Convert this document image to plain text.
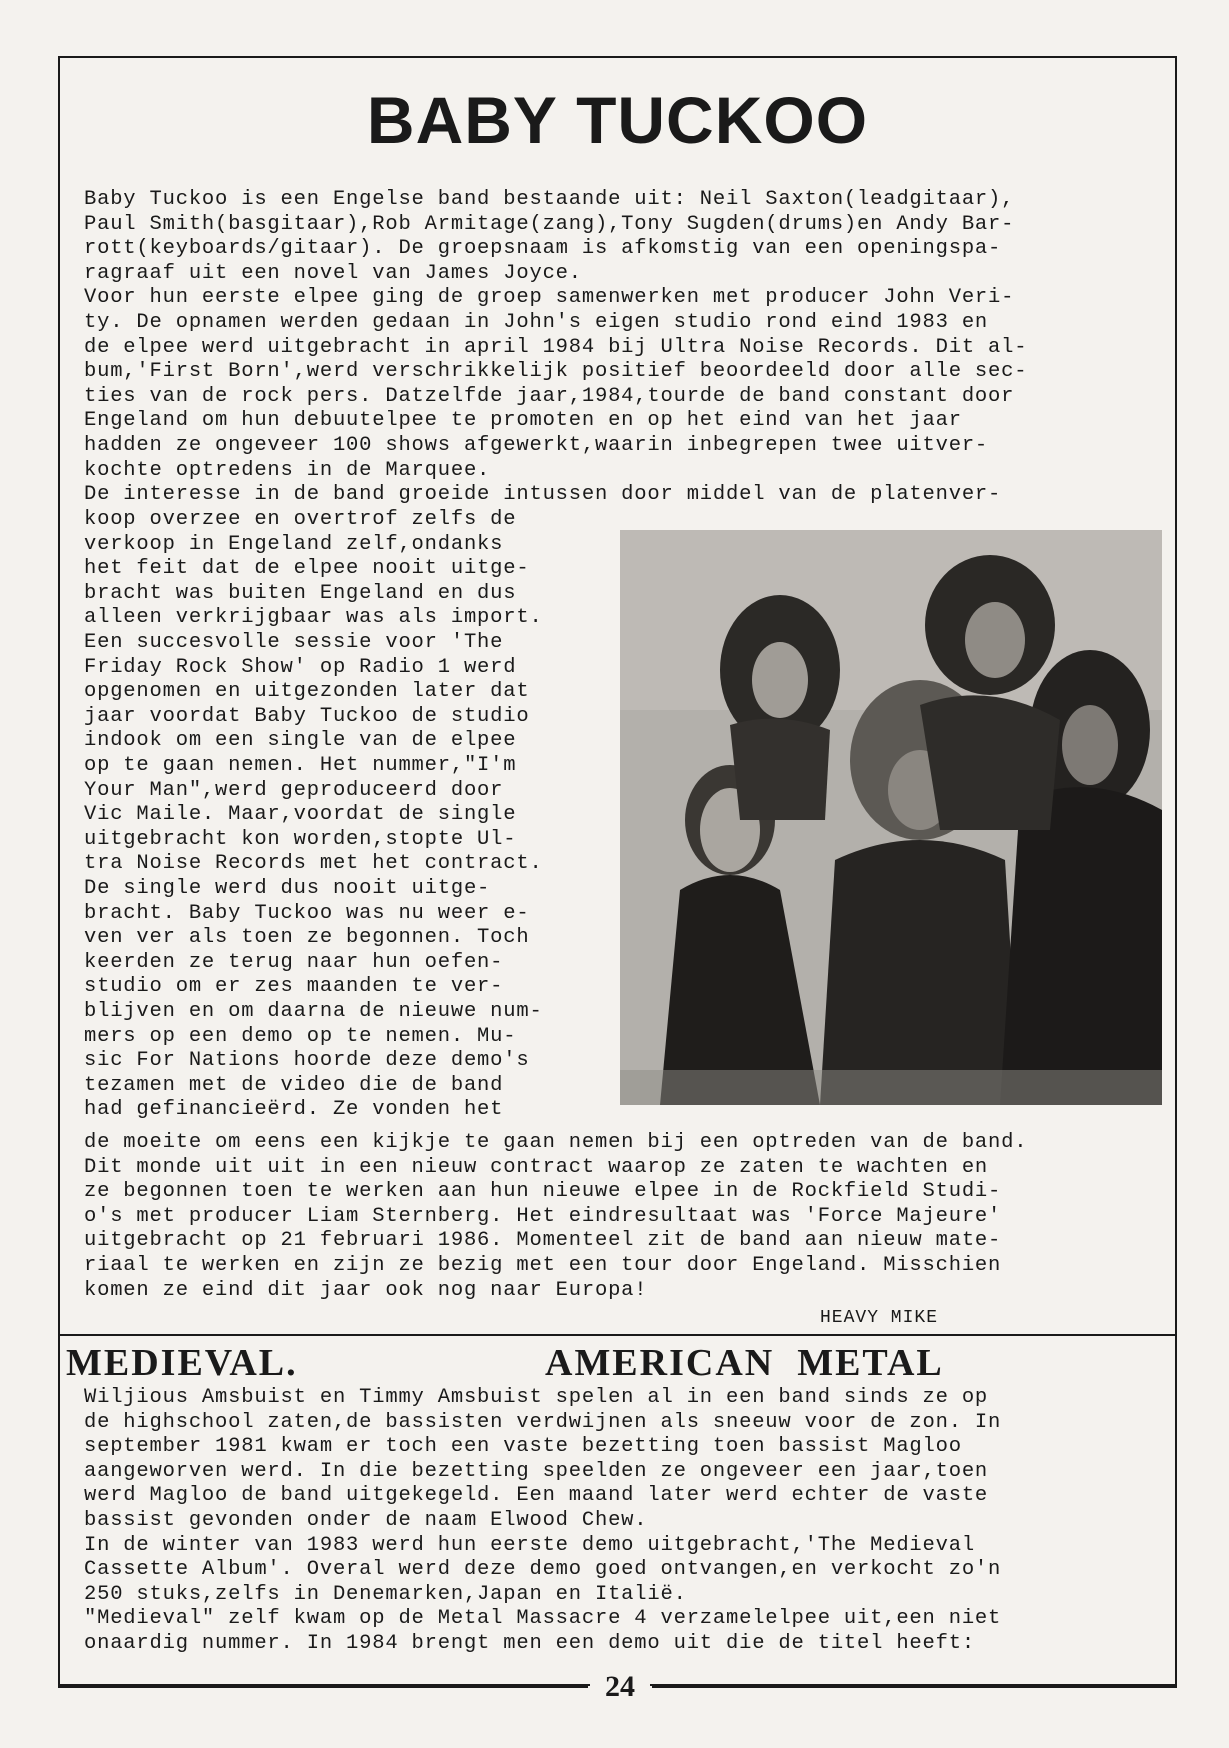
BABY TUCKOO
Baby Tuckoo is een Engelse band bestaande uit: Neil Saxton(leadgitaar),
Paul Smith(basgitaar),Rob Armitage(zang),Tony Sugden(drums)en Andy Bar-
rott(keyboards/gitaar). De groepsnaam is afkomstig van een openingspa-
ragraaf uit een novel van James Joyce.
Voor hun eerste elpee ging de groep samenwerken met producer John Veri-
ty. De opnamen werden gedaan in John's eigen studio rond eind 1983 en
de elpee werd uitgebracht in april 1984 bij Ultra Noise Records. Dit al-
bum,'First Born',werd verschrikkelijk positief beoordeeld door alle sec-
ties van de rock pers. Datzelfde jaar,1984,tourde de band constant door
Engeland om hun debuutelpee te promoten en op het eind van het jaar
hadden ze ongeveer 100 shows afgewerkt,waarin inbegrepen twee uitver-
kochte optredens in de Marquee.
De interesse in de band groeide intussen door middel van de platenver-
koop overzee en overtrof zelfs de
verkoop in Engeland zelf,ondanks
het feit dat de elpee nooit uitge-
bracht was buiten Engeland en dus
alleen verkrijgbaar was als import.
Een succesvolle sessie voor 'The
Friday Rock Show' op Radio 1 werd
opgenomen en uitgezonden later dat
jaar voordat Baby Tuckoo de studio
indook om een single van de elpee
op te gaan nemen. Het nummer,"I'm
Your Man",werd geproduceerd door
Vic Maile. Maar,voordat de single
uitgebracht kon worden,stopte Ul-
tra Noise Records met het contract.
De single werd dus nooit uitge-
bracht. Baby Tuckoo was nu weer e-
ven ver als toen ze begonnen. Toch
keerden ze terug naar hun oefen-
studio om er zes maanden te ver-
blijven en om daarna de nieuwe num-
mers op een demo op te nemen. Mu-
sic For Nations hoorde deze demo's
tezamen met de video die de band
had gefinancieërd. Ze vonden het
de moeite om eens een kijkje te gaan nemen bij een optreden van de band.
Dit monde uit uit in een nieuw contract waarop ze zaten te wachten en
ze begonnen toen te werken aan hun nieuwe elpee in de Rockfield Studi-
o's met producer Liam Sternberg. Het eindresultaat was 'Force Majeure'
uitgebracht op 21 februari 1986. Momenteel zit de band aan nieuw mate-
riaal te werken en zijn ze bezig met een tour door Engeland. Misschien
komen ze eind dit jaar ook nog naar Europa!
HEAVY MIKE
MEDIEVAL.	AMERICAN  METAL
Wiljious Amsbuist en Timmy Amsbuist spelen al in een band sinds ze op
de highschool zaten,de bassisten verdwijnen als sneeuw voor de zon. In
september 1981 kwam er toch een vaste bezetting toen bassist Magloo
aangeworven werd. In die bezetting speelden ze ongeveer een jaar,toen
werd Magloo de band uitgekegeld. Een maand later werd echter de vaste
bassist gevonden onder de naam Elwood Chew.
In de winter van 1983 werd hun eerste demo uitgebracht,'The Medieval
Cassette Album'. Overal werd deze demo goed ontvangen,en verkocht zo'n
250 stuks,zelfs in Denemarken,Japan en Italië.
"Medieval" zelf kwam op de Metal Massacre 4 verzamelelpee uit,een niet
onaardig nummer. In 1984 brengt men een demo uit die de titel heeft:
24
